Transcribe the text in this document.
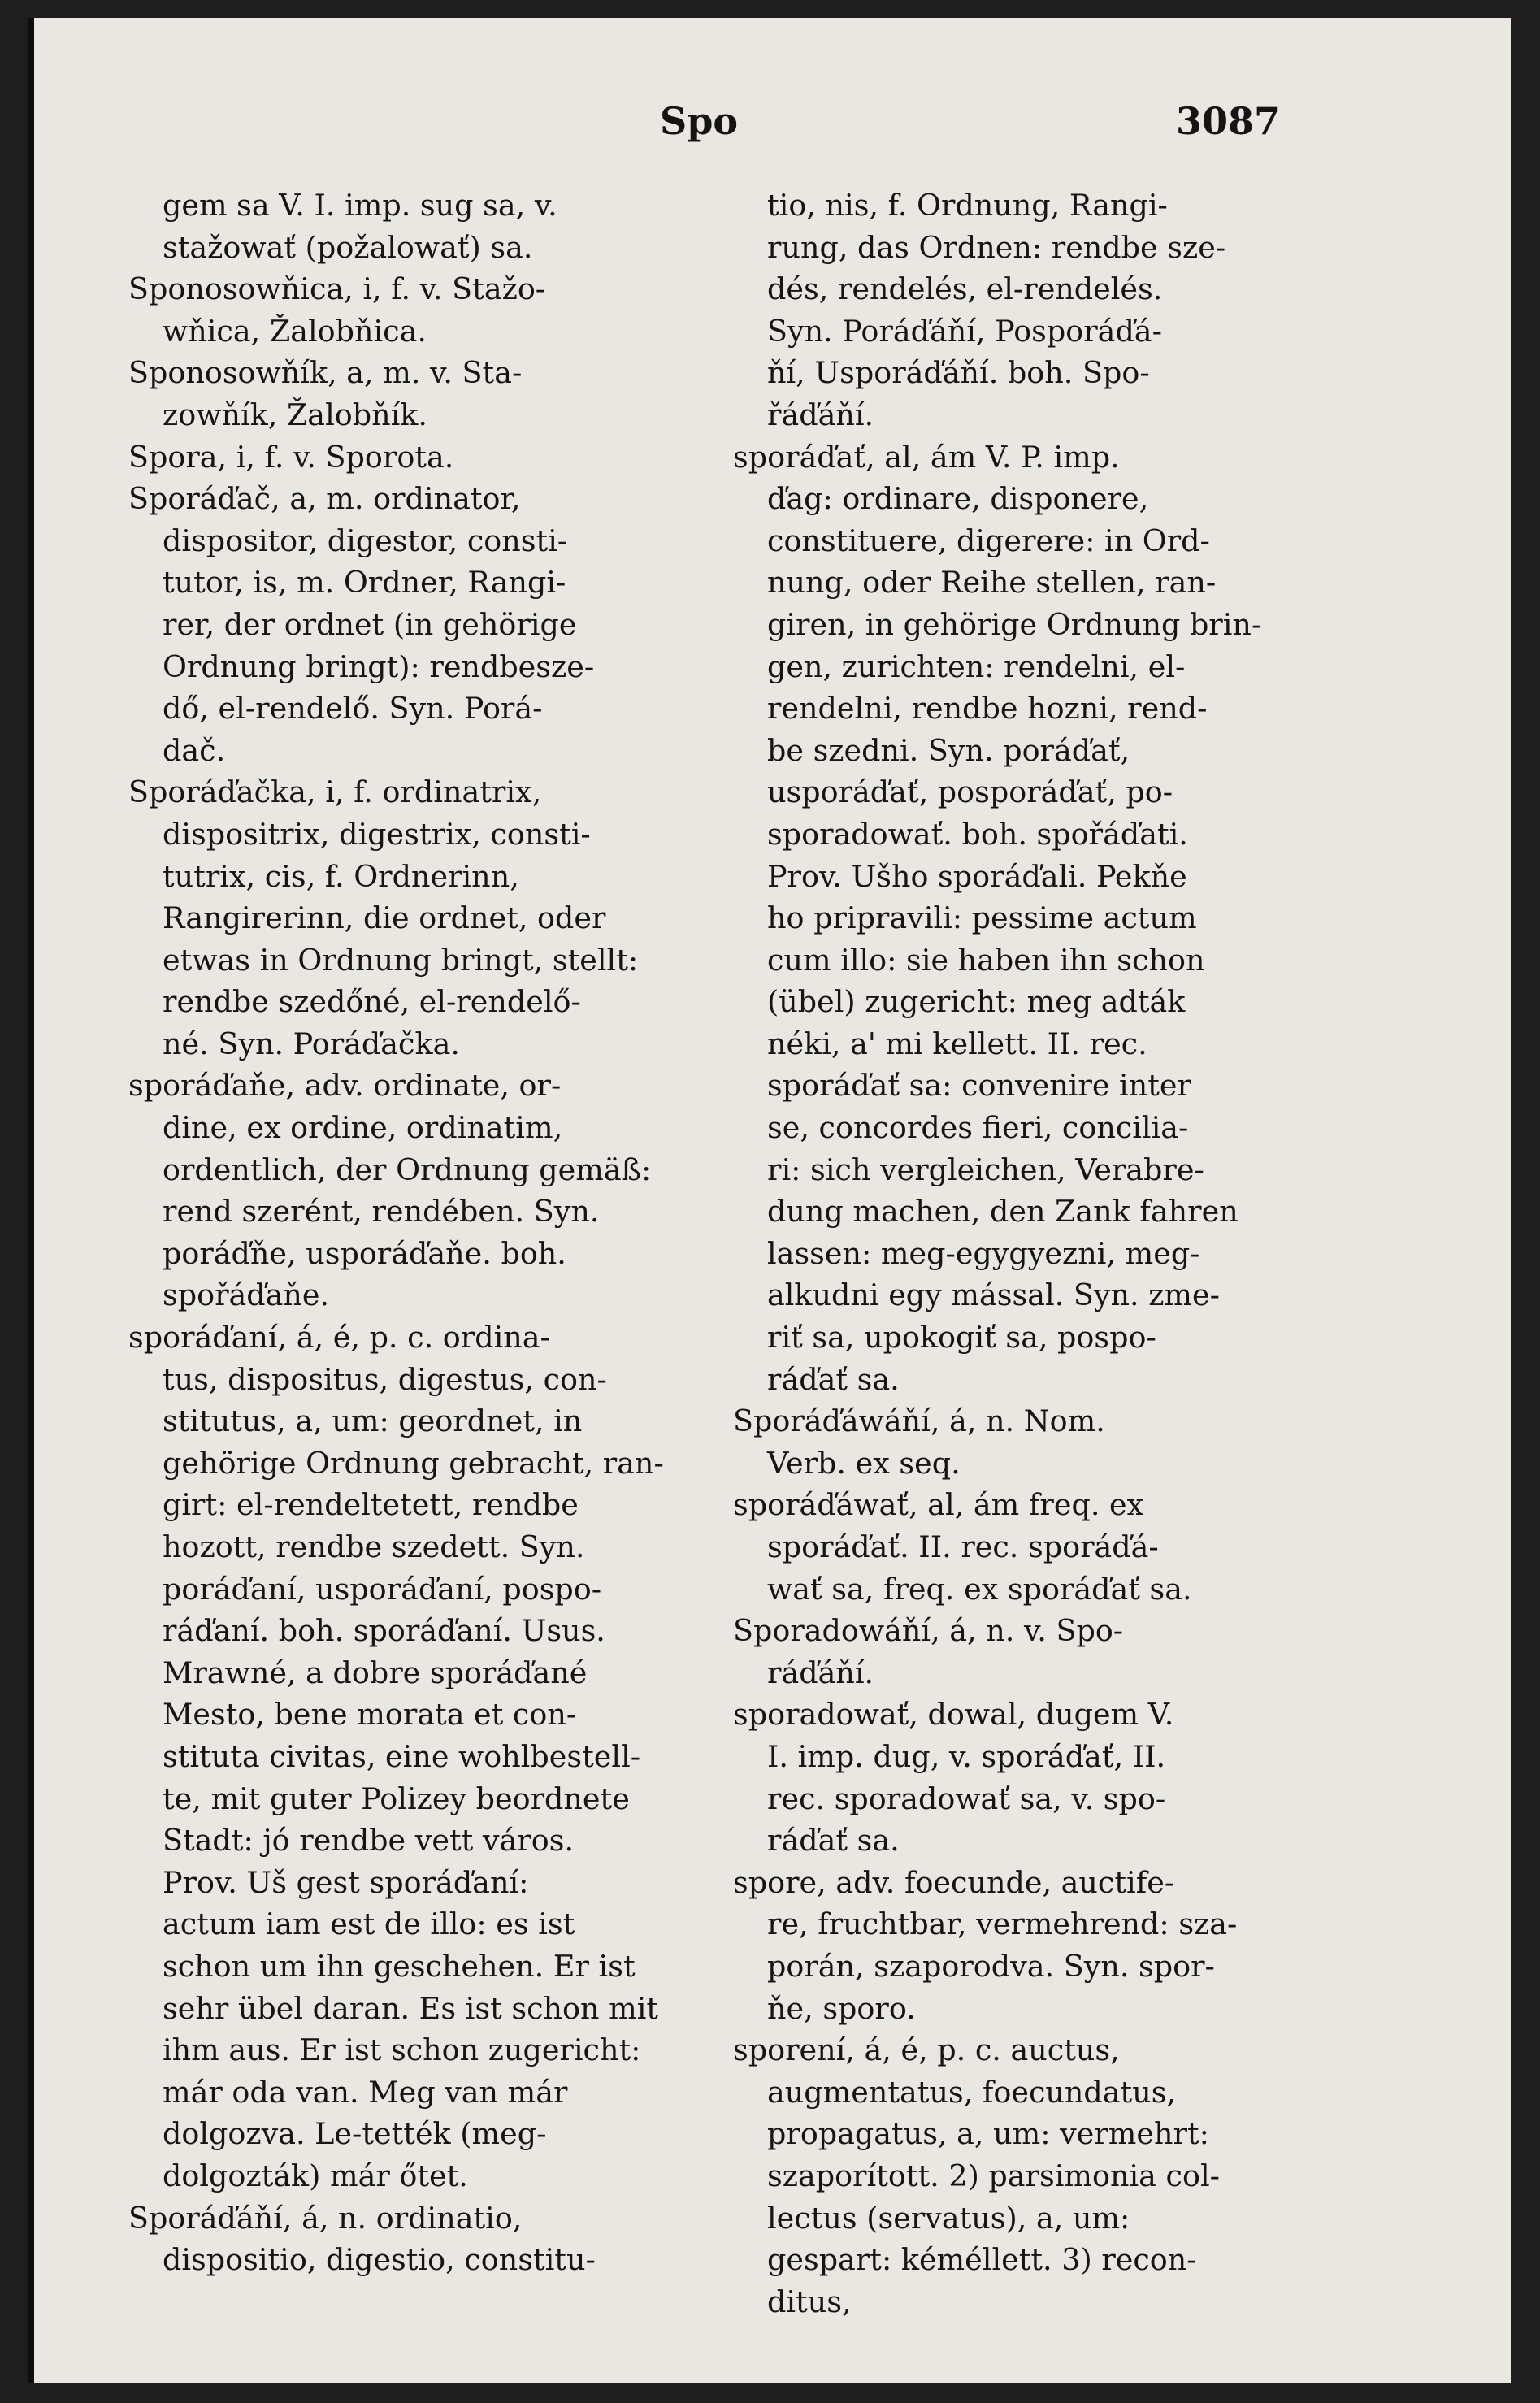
Spo	3087
gem sa V. I. imp. sug sa, v.
stažowať (požalowať) sa.
Sponosowňica, i, f. v. Stažo-
wňica, Žalobňica.
Sponosowňík, a, m. v. Sta-
zowňík, Žalobňík.
Spora, i, f. v. Sporota.
Sporáďač, a, m. ordinator,
dispositor, digestor, consti-
tutor, is, m. Ordner, Rangi-
rer, der ordnet (in gehörige
Ordnung bringt): rendbesze-
dő, el-rendelő. Syn. Porá-
dač.
Sporáďačka, i, f. ordinatrix,
dispositrix, digestrix, consti-
tutrix, cis, f. Ordnerinn,
Rangirerinn, die ordnet, oder
etwas in Ordnung bringt, stellt:
rendbe szedőné, el-rendelő-
né. Syn. Poráďačka.
sporáďaňe, adv. ordinate, or-
dine, ex ordine, ordinatim,
ordentlich, der Ordnung gemäß:
rend szerént, rendében. Syn.
poráďňe, usporáďaňe. boh.
spořáďaňe.
sporáďaní, á, é, p. c. ordina-
tus, dispositus, digestus, con-
stitutus, a, um: geordnet, in
gehörige Ordnung gebracht, ran-
girt: el-rendeltetett, rendbe
hozott, rendbe szedett. Syn.
poráďaní, usporáďaní, pospo-
ráďaní. boh. sporáďaní. Usus.
Mrawné, a dobre sporáďané
Mesto, bene morata et con-
stituta civitas, eine wohlbestell-
te, mit guter Polizey beordnete
Stadt: jó rendbe vett város.
Prov. Uš gest sporáďaní:
actum iam est de illo: es ist
schon um ihn geschehen. Er ist
sehr übel daran. Es ist schon mit
ihm aus. Er ist schon zugericht:
már oda van. Meg van már
dolgozva. Le-tették (meg-
dolgozták) már őtet.
Sporáďáňí, á, n. ordinatio,
dispositio, digestio, constitu-
tio, nis, f. Ordnung, Rangi-
rung, das Ordnen: rendbe sze-
dés, rendelés, el-rendelés.
Syn. Poráďáňí, Posporáďá-
ňí, Usporáďáňí. boh. Spo-
řáďáňí.
sporáďať, al, ám V. P. imp.
ďag: ordinare, disponere,
constituere, digerere: in Ord-
nung, oder Reihe stellen, ran-
giren, in gehörige Ordnung brin-
gen, zurichten: rendelni, el-
rendelni, rendbe hozni, rend-
be szedni. Syn. poráďať,
usporáďať, posporáďať, po-
sporadowať. boh. spořáďati.
Prov. Ušho sporáďali. Pekňe
ho pripravili: pessime actum
cum illo: sie haben ihn schon
(übel) zugericht: meg adták
néki, a' mi kellett. II. rec.
sporáďať sa: convenire inter
se, concordes fieri, concilia-
ri: sich vergleichen, Verabre-
dung machen, den Zank fahren
lassen: meg-egygyezni, meg-
alkudni egy mással. Syn. zme-
riť sa, upokogiť sa, pospo-
ráďať sa.
Sporáďáwáňí, á, n. Nom.
Verb. ex seq.
sporáďáwať, al, ám freq. ex
sporáďať. II. rec. sporáďá-
wať sa, freq. ex sporáďať sa.
Sporadowáňí, á, n. v. Spo-
ráďáňí.
sporadowať, dowal, dugem V.
I. imp. dug, v. sporáďať, II.
rec. sporadowať sa, v. spo-
ráďať sa.
spore, adv. foecunde, auctife-
re, fruchtbar, vermehrend: sza-
porán, szaporodva. Syn. spor-
ňe, sporo.
sporení, á, é, p. c. auctus,
augmentatus, foecundatus,
propagatus, a, um: vermehrt:
szaporított. 2) parsimonia col-
lectus (servatus), a, um:
gespart: kéméllett. 3) recon-
ditus,
